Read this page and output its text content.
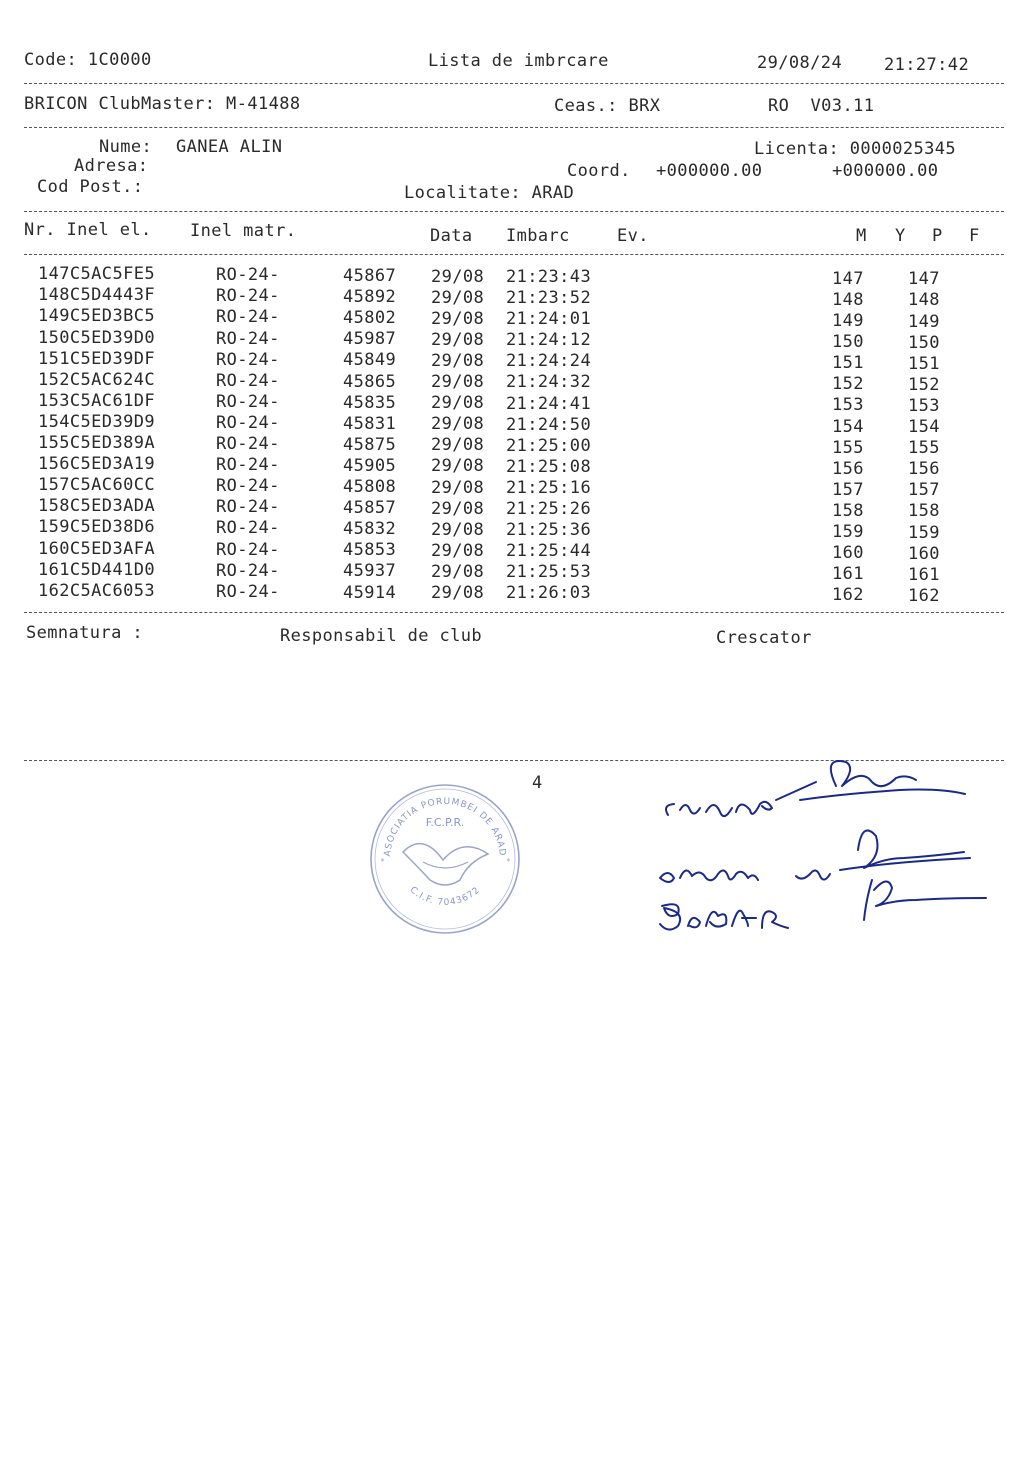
Code: 1C0000	Lista de imbrcare	29/08/24 21:27:42
BRICON ClubMaster: M-41488	Ceas.: BRX	RO  V03.11
Nume: GANEA ALIN	Licenta: 0000025345
Adresa:	Coord. +000000.00	+000000.00
Cod Post.:	Localitate: ARAD
Nr. Inel el. Inel matr.	Data Imbarc	Ev.	M Y P F
147C5AC5FE5	RO-24-	45867 29/08 21:23:43	147	147
148C5D4443F	RO-24-	45892 29/08 21:23:52	148	148
149C5ED3BC5	RO-24-	45802 29/08 21:24:01	149	149
150C5ED39D0	RO-24-	45987 29/08 21:24:12	150	150
151C5ED39DF	RO-24-	45849 29/08 21:24:24	151	151
152C5AC624C	RO-24-	45865 29/08 21:24:32	152	152
153C5AC61DF	RO-24-	45835 29/08 21:24:41	153	153
154C5ED39D9	RO-24-	45831 29/08 21:24:50	154	154
155C5ED389A	RO-24-	45875 29/08 21:25:00	155	155
156C5ED3A19	RO-24-	45905 29/08 21:25:08	156	156
157C5AC60CC	RO-24-	45808 29/08 21:25:16	157	157
158C5ED3ADA	RO-24-	45857 29/08 21:25:26	158	158
159C5ED38D6	RO-24-	45832 29/08 21:25:36	159	159
160C5ED3AFA	RO-24-	45853 29/08 21:25:44	160	160
161C5D441D0	RO-24-	45937 29/08 21:25:53	161	161
162C5AC6053	RO-24-	45914 29/08 21:26:03	162	162
Semnatura :	Responsabil de club	Crescator
4
ASOCIATIA PORUMBEI DE ARAD
F.C.P.R.
C.I.F. 7043672
*	*
